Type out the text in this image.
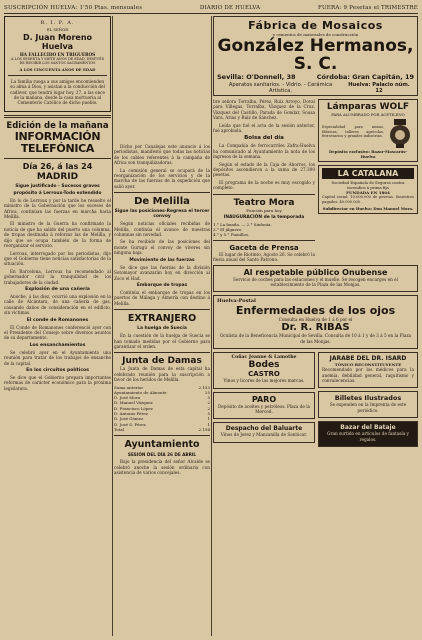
SUSCRIPCIÓN HUELVA: 1'50 Ptas. mensuales	DIARIO DE HUELVA	FUERA: 9 Pesetas el TRIMESTRE
R. I. P. A.
EL SEÑOR
D. Juan Moreno Huelva
HA FALLECIDO EN TRIGUEROS
A LOS SESENTA Y SIETE AÑOS DE EDAD, DESPUÉS DE RECIBIR LOS SANTOS SACRAMENTOS
A LOS CINCUENTA AÑOS DE EDAD

La familia ruega a sus amigos encomienden su alma á Dios, y asistan a la conducción del cadáver, que tendrá lugar hoy, 27, a las once de la mañana, desde la casa mortuoria al Cementerio Católico de dicho pueblo.

Edición de la mañana
INFORMACIÓN TELEFÓNICA
Día 26, á las 24
MADRID
Sigue justificado - Sucesos graves
propósito á Lerroux-Todo extendido

En lo de Lerroux y por la tarde he resuelto el ministro de la Gobernación que los sucesos de Africa, continúan las fuerzas en marcha hacia Melilla.

El ministro de la Guerra ha confirmado la noticia de que ha salido del puerto una columna, de tropas destinada á reforzar las de Melilla, y dijo que se ocupa también de la forma de reorganizar el servicio.

Lerroux, interrogado por los periodistas, dijo que el Gobierno tiene noticias satisfactorias de la situación.

En Barcelona, Lerroux ha recomendado al gobernador civil la tranquilidad de los trabajadores de la ciudad.

Explosión de una cañería

Anoche, á las diez, ocurrió una explosión en la calle de Alcántara, de una cañería de gas, causando daños de consideración en el edificio, sin víctimas.

El conde de Romanones

El Conde de Romanones conferenció ayer con el Presidente del Consejo sobre diversos asuntos de su departamento.

Los ensanchamientos

Se celebró ayer en el Ayuntamiento una reunión para tratar de los trabajos de ensanche de la capital.

En los circuitos políticos

Se dice que el Gobierno prepara importantes reformas de carácter económico para la próxima legislatura.

Dicho por Canalejas este anuncio á los periodistas, manifestó que todas las noticias de los cables referentes á la campaña de Africa son tranquilizadoras.

La comisión general se ocupará de la reorganización de los servicios y de la marcha de las fuerzas de la expedición que salió ayer.

De Melilla
Sigue las posiciones-Regresa el tercer convoy

Según noticias oficiales recibidas de Melilla, continúa el avance de nuestras columnas sin novedad.

Se ha recibido de las posiciones del monte Gurugú el convoy de víveres sin ninguna baja.

Movimiento de las fuerzas

Se dice que las fuerzas de la división Sotomayor avanzarán hoy en dirección al Zoco el Had.

Embarque de tropas

Continúa el embarque de tropas en los puertos de Málaga y Almería con destino á Melilla.

EXTRANJERO
La huelga de Suecia

En la cuestión de la huelga de Suecia se han tomado medidas por el Gobierno para garantizar el orden.

Junta de Damas

La Junta de Damas de esta capital ha celebrado reunión para la suscripción a favor de los heridos de Melilla.

Suma anterior	2.153
Ayuntamiento de Almonte	25
D. José Mora	5
D. Manuel Vázquez	2
D. Francisco López	2
D. Antonio Pérez	5
D. José Gómez	1
D. José S. Pérez	1
Total	2.194
Ayuntamiento
SESIÓN DEL DÍA 26 DE ABRIL

Bajo la presidencia del señor Alcalde se celebró anoche la sesión ordinaria con asistencia de varios concejales.

Fábrica de Mosaicos
y cementos de materiales de construcción
González Hermanos, S. C.
Sevilla: O'Donnell, 38	Córdoba: Gran Capitán, 19
Aparatos sanitarios. - Vidrio. - Cerámica Artística.
Huelva: Palacio núm. 12

bre señora Torralba, Pérez, Ruiz Arroyo, Doval para Villegas, Torralba, Vázquez de la Cruz, Vázquez del Castillo, Parada de Gondar, Sousa Vara, Arias y Ruiz de Sánchez.

Leída que fué el acta de la sesión anterior, fué aprobada.

Bolsa del día

La Compañía de ferrocarriles Zafra-Huelva ha comunicado al Ayuntamiento la nota de los ingresos de la semana.

Según el estado de la Caja de Ahorros, los depósitos ascendieron a la suma de 27.300 pesetas.

El programa de la noche es muy escogido y completo.

Teatro Mora
Función para hoy
INAUGURACIÓN de la temporada
1.° La banda. — 2.° Sinfonía.
3.° El jilguero.
4.° y 5.° Pianillos.
Gaceta de Prensa

El lugar de Riotinto, Agosto 26. Se celebró la fiesta anual del Santo Patrono.

Lámparas WOLF
PARA ALUMBRADO POR ACETILENO

Especialidad para minas, fábricas, talleres agrícolas, ferroviarios y grandes industrias.

Depósito exclusivo: Bazar-Mascarós-Huelva
LA CATALANA
Sociedad Española de Seguros contra incendios á prima fija
FUNDADA EN 1864

Capital social: 10.000.000 de pesetas. Siniestros pagados: 40.000.000.

Subdirector en Huelva: Don Manuel Mora.
Al respetable público Onubense

Servicio de coches para las estaciones y el muelle. Se recogen encargos en el establecimiento de la Plaza de las Monjas.

Huelva-Postal
Enfermedades de los ojos
Consulta en Huelva de 1 á 6 por el
Dr. R. RIBAS

Oculista de la Beneficencia Municipal de Sevilla. Consulta de 10 á 1 y de 3 á 5 en la Plaza de las Monjas.

Coñac Jeanne & Lamothe
Bodes
CASTRO

Vinos y licores de las mejores marcas.

PARO

Depósito de aceites y petróleos. Plaza de la Merced.

Despacho del Baluarte

Vinos de Jerez y Manzanilla de Sanlúcar.

JARABE DEL DR. ISARD
TÓNICO RECONSTITUYENTE

Recomendado por los médicos para la anemia, debilidad general, raquitismo y convalecencias.

Billetes Ilustrados

Se expenden en la Imprenta de este periódico.

Bazar del Bataje

Gran surtido en artículos de fantasía y regalos.
